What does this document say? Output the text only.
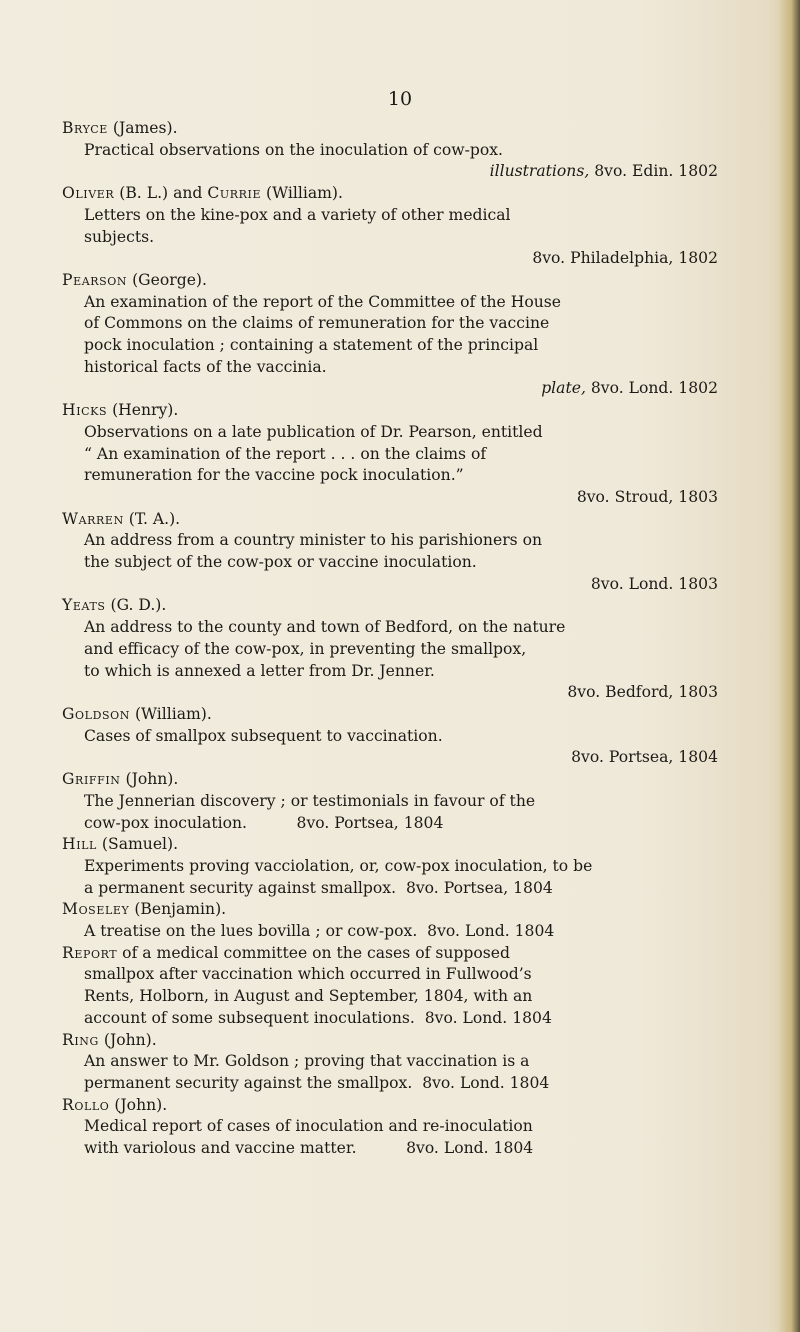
10
Bryce (James).
Practical observations on the inoculation of cow-pox.
illustrations, 8vo. Edin. 1802
Oliver (B. L.) and Currie (William).
Letters on the kine-pox and a variety of other medical
subjects.
8vo. Philadelphia, 1802
Pearson (George).
An examination of the report of the Committee of the House
of Commons on the claims of remuneration for the vaccine
pock inoculation ; containing a statement of the principal
historical facts of the vaccinia.
plate, 8vo. Lond. 1802
Hicks (Henry).
Observations on a late publication of Dr. Pearson, entitled
“ An examination of the report . . . on the claims of
remuneration for the vaccine pock inoculation.”
8vo. Stroud, 1803
Warren (T. A.).
An address from a country minister to his parishioners on
the subject of the cow-pox or vaccine inoculation.
8vo. Lond. 1803
Yeats (G. D.).
An address to the county and town of Bedford, on the nature
and efficacy of the cow-pox, in preventing the smallpox,
to which is annexed a letter from Dr. Jenner.
8vo. Bedford, 1803
Goldson (William).
Cases of smallpox subsequent to vaccination.
8vo. Portsea, 1804
Griffin (John).
The Jennerian discovery ; or testimonials in favour of the
cow-pox inoculation.          8vo. Portsea, 1804
Hill (Samuel).
Experiments proving vacciolation, or, cow-pox inoculation, to be
a permanent security against smallpox.  8vo. Portsea, 1804
Moseley (Benjamin).
A treatise on the lues bovilla ; or cow-pox.  8vo. Lond. 1804
Report of a medical committee on the cases of supposed
smallpox after vaccination which occurred in Fullwood’s
Rents, Holborn, in August and September, 1804, with an
account of some subsequent inoculations.  8vo. Lond. 1804
Ring (John).
An answer to Mr. Goldson ; proving that vaccination is a
permanent security against the smallpox.  8vo. Lond. 1804
Rollo (John).
Medical report of cases of inoculation and re-inoculation
with variolous and vaccine matter.          8vo. Lond. 1804
